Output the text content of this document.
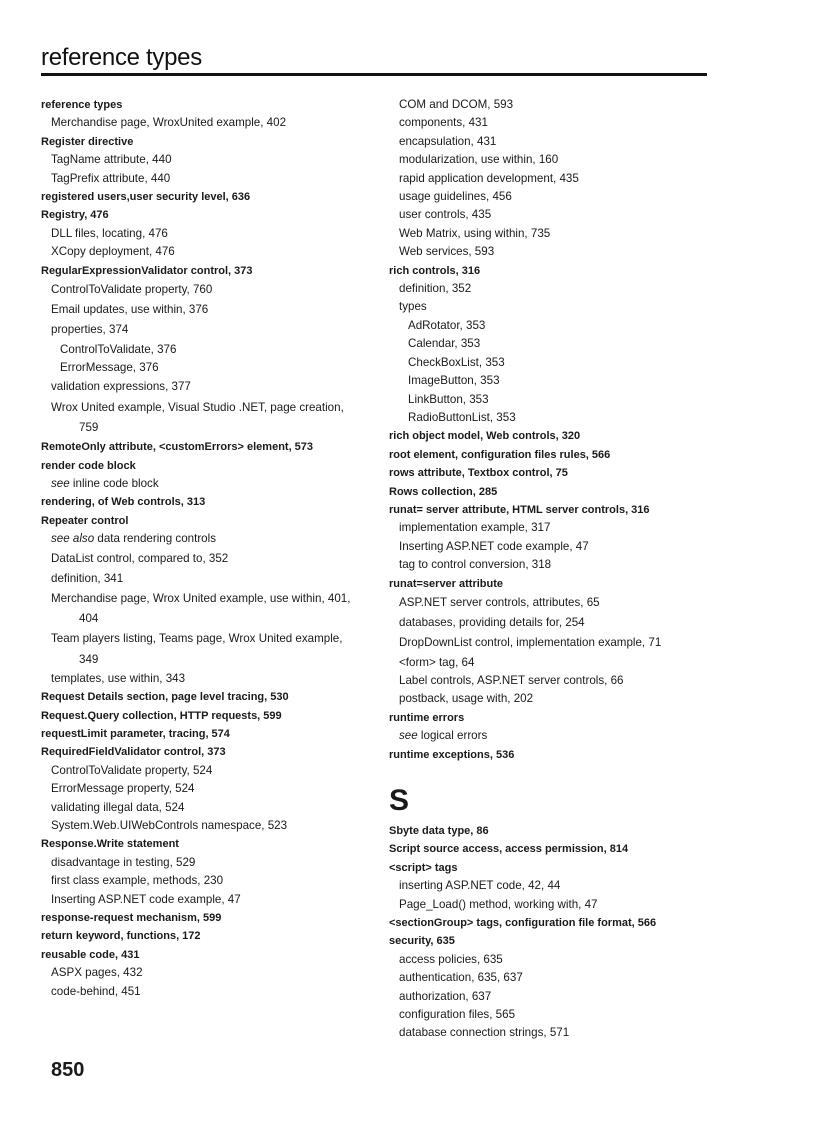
reference types
reference types
Merchandise page, WroxUnited example, 402
Register directive
TagName attribute, 440
TagPrefix attribute, 440
registered users,user security level, 636
Registry, 476
DLL files, locating, 476
XCopy deployment, 476
RegularExpressionValidator control, 373
ControlToValidate property, 760
Email updates, use within, 376
properties, 374
ControlToValidate, 376
ErrorMessage, 376
validation expressions, 377
Wrox United example, Visual Studio .NET, page creation,
759
RemoteOnly attribute, <customErrors> element, 573
render code block
see inline code block
rendering, of Web controls, 313
Repeater control
see also data rendering controls
DataList control, compared to, 352
definition, 341
Merchandise page, Wrox United example, use within, 401,
404
Team players listing, Teams page, Wrox United example,
349
templates, use within, 343
Request Details section, page level tracing, 530
Request.Query collection, HTTP requests, 599
requestLimit parameter, tracing, 574
RequiredFieldValidator control, 373
ControlToValidate property, 524
ErrorMessage property, 524
validating illegal data, 524
System.Web.UIWebControls namespace, 523
Response.Write statement
disadvantage in testing, 529
first class example, methods, 230
Inserting ASP.NET code example, 47
response-request mechanism, 599
return keyword, functions, 172
reusable code, 431
ASPX pages, 432
code-behind, 451
COM and DCOM, 593
components, 431
encapsulation, 431
modularization, use within, 160
rapid application development, 435
usage guidelines, 456
user controls, 435
Web Matrix, using within, 735
Web services, 593
rich controls, 316
definition, 352
types
AdRotator, 353
Calendar, 353
CheckBoxList, 353
ImageButton, 353
LinkButton, 353
RadioButtonList, 353
rich object model, Web controls, 320
root element, configuration files rules, 566
rows attribute, Textbox control, 75
Rows collection, 285
runat= server attribute, HTML server controls, 316
implementation example, 317
Inserting ASP.NET code example, 47
tag to control conversion, 318
runat=server attribute
ASP.NET server controls, attributes, 65
databases, providing details for, 254
DropDownList control, implementation example, 71
<form> tag, 64
Label controls, ASP.NET server controls, 66
postback, usage with, 202
runtime errors
see logical errors
runtime exceptions, 536
S
Sbyte data type, 86
Script source access, access permission, 814
<script> tags
inserting ASP.NET code, 42, 44
Page_Load() method, working with, 47
<sectionGroup> tags, configuration file format, 566
security, 635
access policies, 635
authentication, 635, 637
authorization, 637
configuration files, 565
database connection strings, 571
850
